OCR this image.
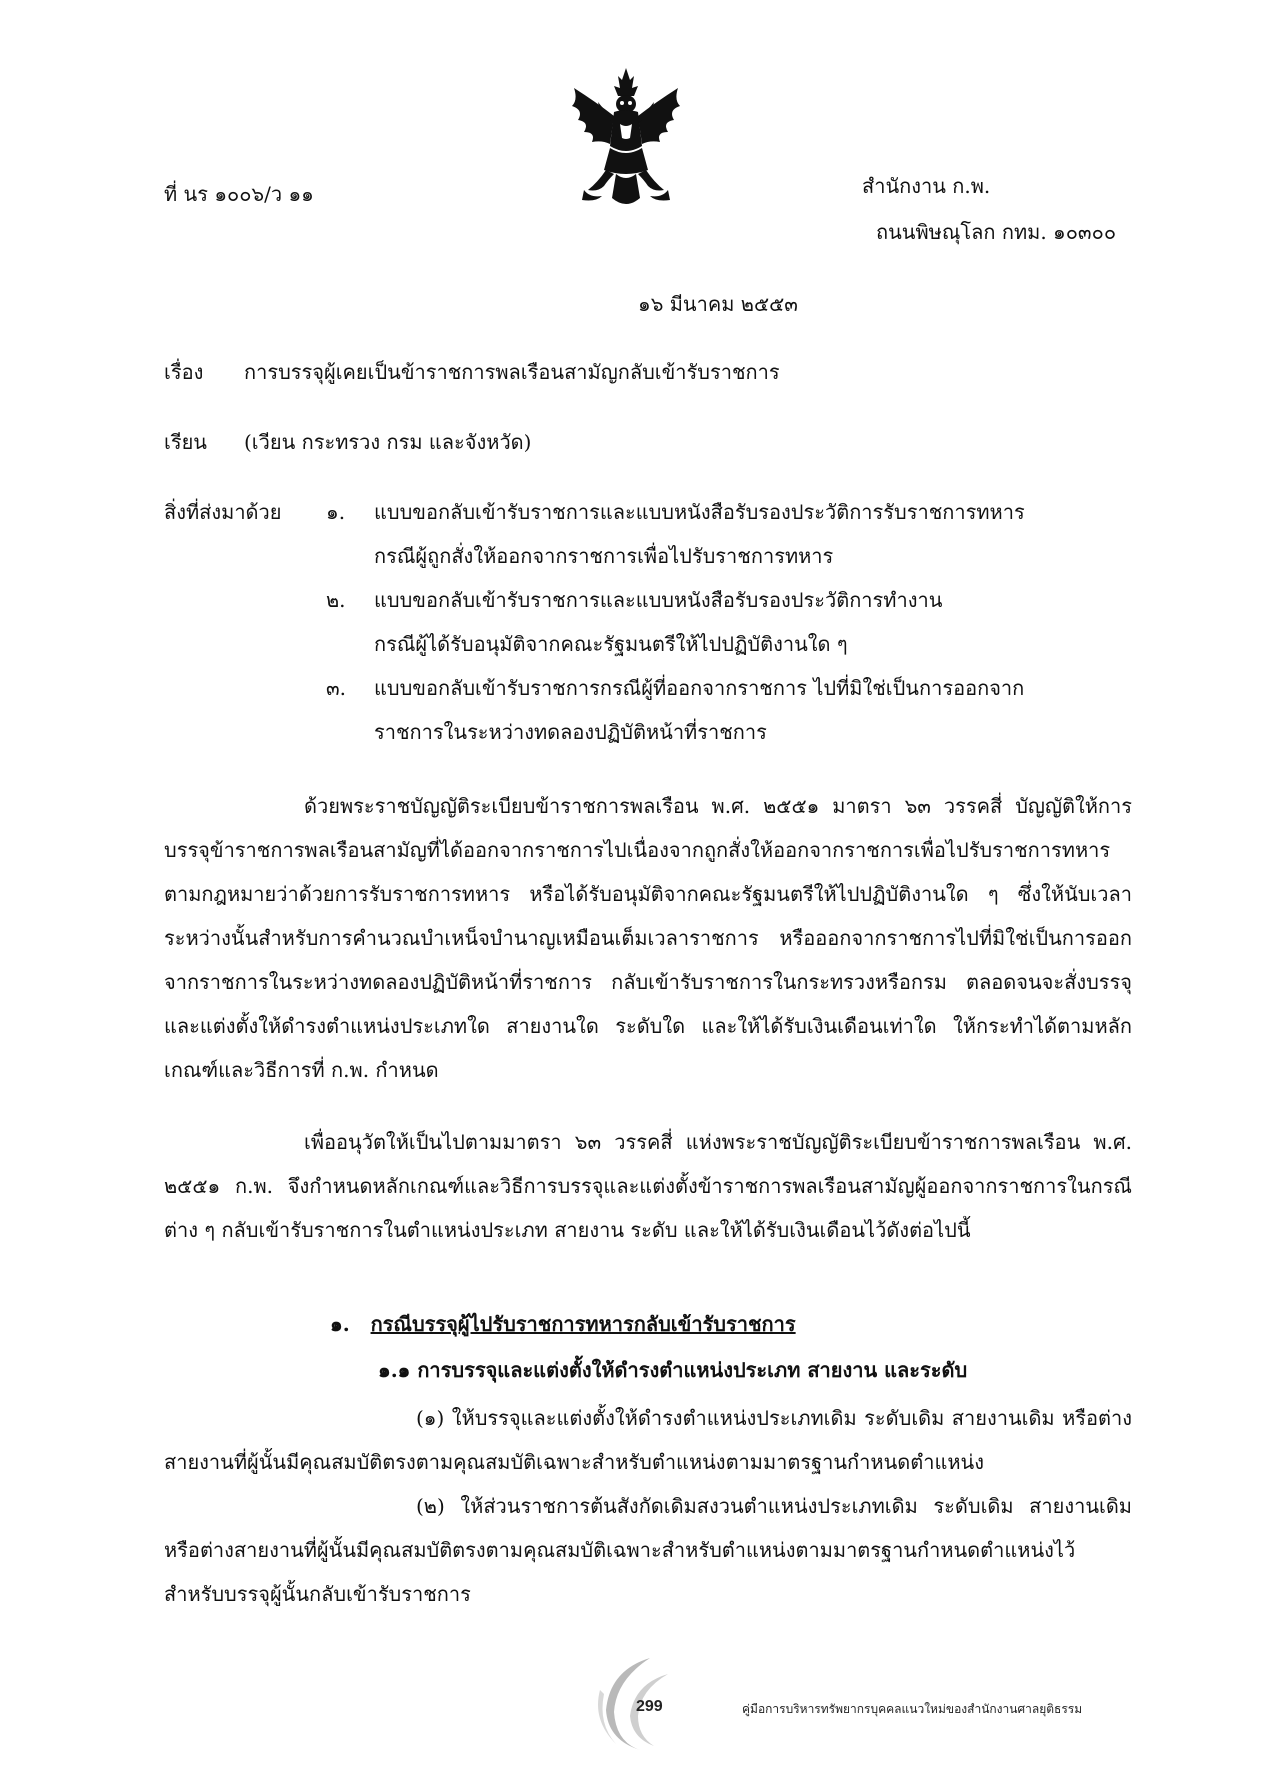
ที่ นร ๑๐๐๖/ว ๑๑	สำนักงาน ก.พ.
ถนนพิษณุโลก กทม. ๑๐๓๐๐
๑๖ มีนาคม ๒๕๕๓
เรื่อง การบรรจุผู้เคยเป็นข้าราชการพลเรือนสามัญกลับเข้ารับราชการ
เรียน (เวียน กระทรวง กรม และจังหวัด)
สิ่งที่ส่งมาด้วย ๑. แบบขอกลับเข้ารับราชการและแบบหนังสือรับรองประวัติการรับราชการทหาร
กรณีผู้ถูกสั่งให้ออกจากราชการเพื่อไปรับราชการทหาร
๒. แบบขอกลับเข้ารับราชการและแบบหนังสือรับรองประวัติการทำงาน
กรณีผู้ได้รับอนุมัติจากคณะรัฐมนตรีให้ไปปฏิบัติงานใด ๆ
๓. แบบขอกลับเข้ารับราชการกรณีผู้ที่ออกจากราชการ ไปที่มิใช่เป็นการออกจาก
ราชการในระหว่างทดลองปฏิบัติหน้าที่ราชการ

ด้วยพระราชบัญญัติระเบียบข้าราชการพลเรือน พ.ศ. ๒๕๕๑ มาตรา ๖๓ วรรคสี่ บัญญัติให้การบรรจุข้าราชการพลเรือนสามัญที่ได้ออกจากราชการไปเนื่องจากถูกสั่งให้ออกจากราชการเพื่อไปรับราชการทหารตามกฎหมายว่าด้วยการรับราชการทหาร หรือได้รับอนุมัติจากคณะรัฐมนตรีให้ไปปฏิบัติงานใด ๆ ซึ่งให้นับเวลาระหว่างนั้นสำหรับการคำนวณบำเหน็จบำนาญเหมือนเต็มเวลาราชการ หรือออกจากราชการไปที่มิใช่เป็นการออกจากราชการในระหว่างทดลองปฏิบัติหน้าที่ราชการ กลับเข้ารับราชการในกระทรวงหรือกรม ตลอดจนจะสั่งบรรจุและแต่งตั้งให้ดำรงตำแหน่งประเภทใด สายงานใด ระดับใด และให้ได้รับเงินเดือนเท่าใด ให้กระทำได้ตามหลักเกณฑ์และวิธีการที่ ก.พ. กำหนด

เพื่ออนุวัตให้เป็นไปตามมาตรา ๖๓ วรรคสี่ แห่งพระราชบัญญัติระเบียบข้าราชการพลเรือน พ.ศ. ๒๕๕๑ ก.พ. จึงกำหนดหลักเกณฑ์และวิธีการบรรจุและแต่งตั้งข้าราชการพลเรือนสามัญผู้ออกจากราชการในกรณีต่าง ๆ กลับเข้ารับราชการในตำแหน่งประเภท สายงาน ระดับ และให้ได้รับเงินเดือนไว้ดังต่อไปนี้

๑. กรณีบรรจุผู้ไปรับราชการทหารกลับเข้ารับราชการ
๑.๑ การบรรจุและแต่งตั้งให้ดำรงตำแหน่งประเภท สายงาน และระดับ

(๑) ให้บรรจุและแต่งตั้งให้ดำรงตำแหน่งประเภทเดิม ระดับเดิม สายงานเดิม หรือต่างสายงานที่ผู้นั้นมีคุณสมบัติตรงตามคุณสมบัติเฉพาะสำหรับตำแหน่งตามมาตรฐานกำหนดตำแหน่ง

(๒) ให้ส่วนราชการต้นสังกัดเดิมสงวนตำแหน่งประเภทเดิม ระดับเดิม สายงานเดิม หรือต่างสายงานที่ผู้นั้นมีคุณสมบัติตรงตามคุณสมบัติเฉพาะสำหรับตำแหน่งตามมาตรฐานกำหนดตำแหน่งไว้สำหรับบรรจุผู้นั้นกลับเข้ารับราชการ

299	คู่มือการบริหารทรัพยากรบุคคลแนวใหม่ของสำนักงานศาลยุติธรรม
